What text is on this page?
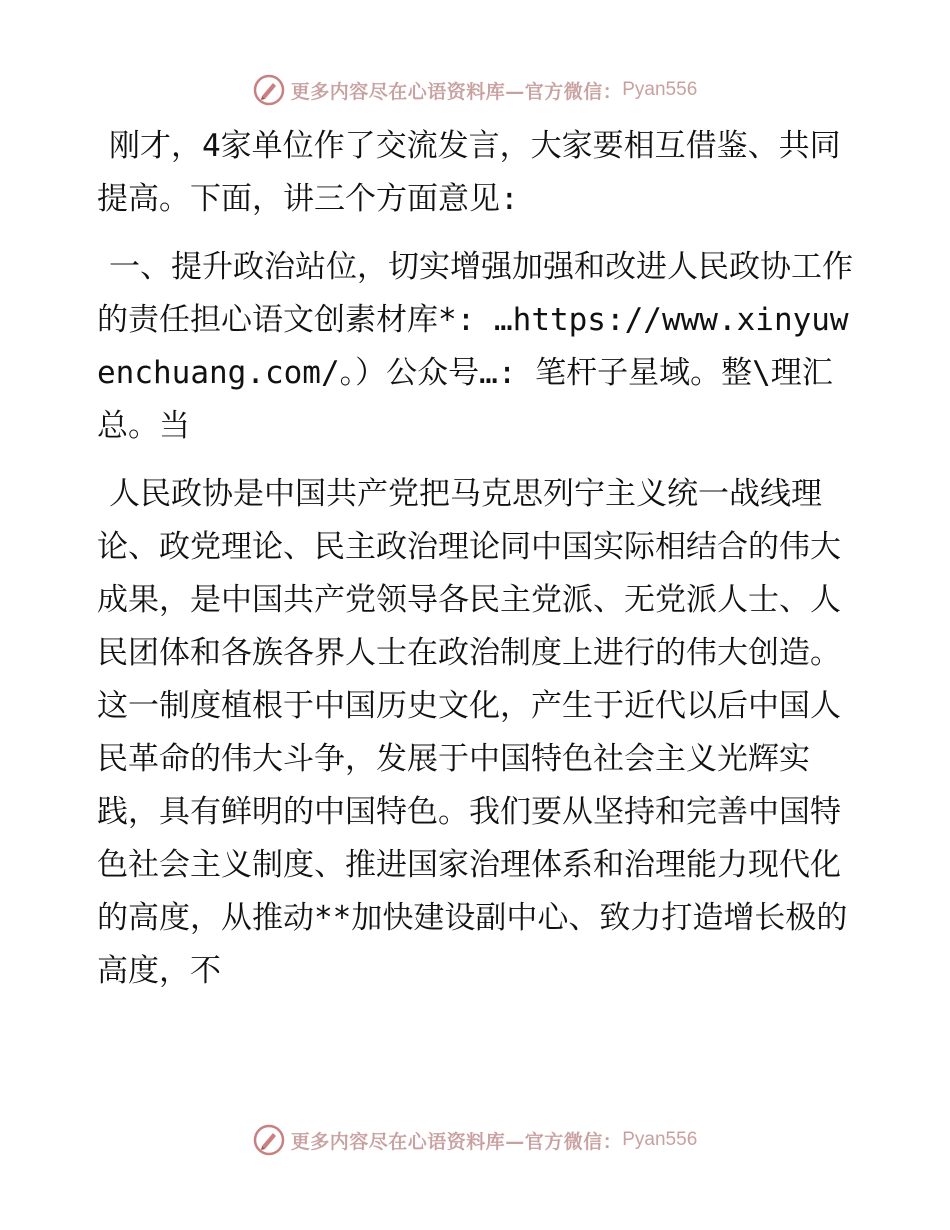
更多内容尽在心语资料库—官方微信： Pyan556

刚才，4家单位作了交流发言，大家要相互借鉴、共同提高。下面，讲三个方面意见:

一、提升政治站位，切实增强加强和改进人民政协工作的责任担心语文创素材库*: …https://www.xinyuwenchuang.com/。）公众号…: 笔杆子星域。整\理汇总。当

人民政协是中国共产党把马克思列宁主义统一战线理论、政党理论、民主政治理论同中国实际相结合的伟大成果，是中国共产党领导各民主党派、无党派人士、人民团体和各族各界人士在政治制度上进行的伟大创造。这一制度植根于中国历史文化，产生于近代以后中国人民革命的伟大斗争，发展于中国特色社会主义光辉实践，具有鲜明的中国特色。我们要从坚持和完善中国特色社会主义制度、推进国家治理体系和治理能力现代化的高度，从推动**加快建设副中心、致力打造增长极的高度，不

更多内容尽在心语资料库—官方微信： Pyan556
